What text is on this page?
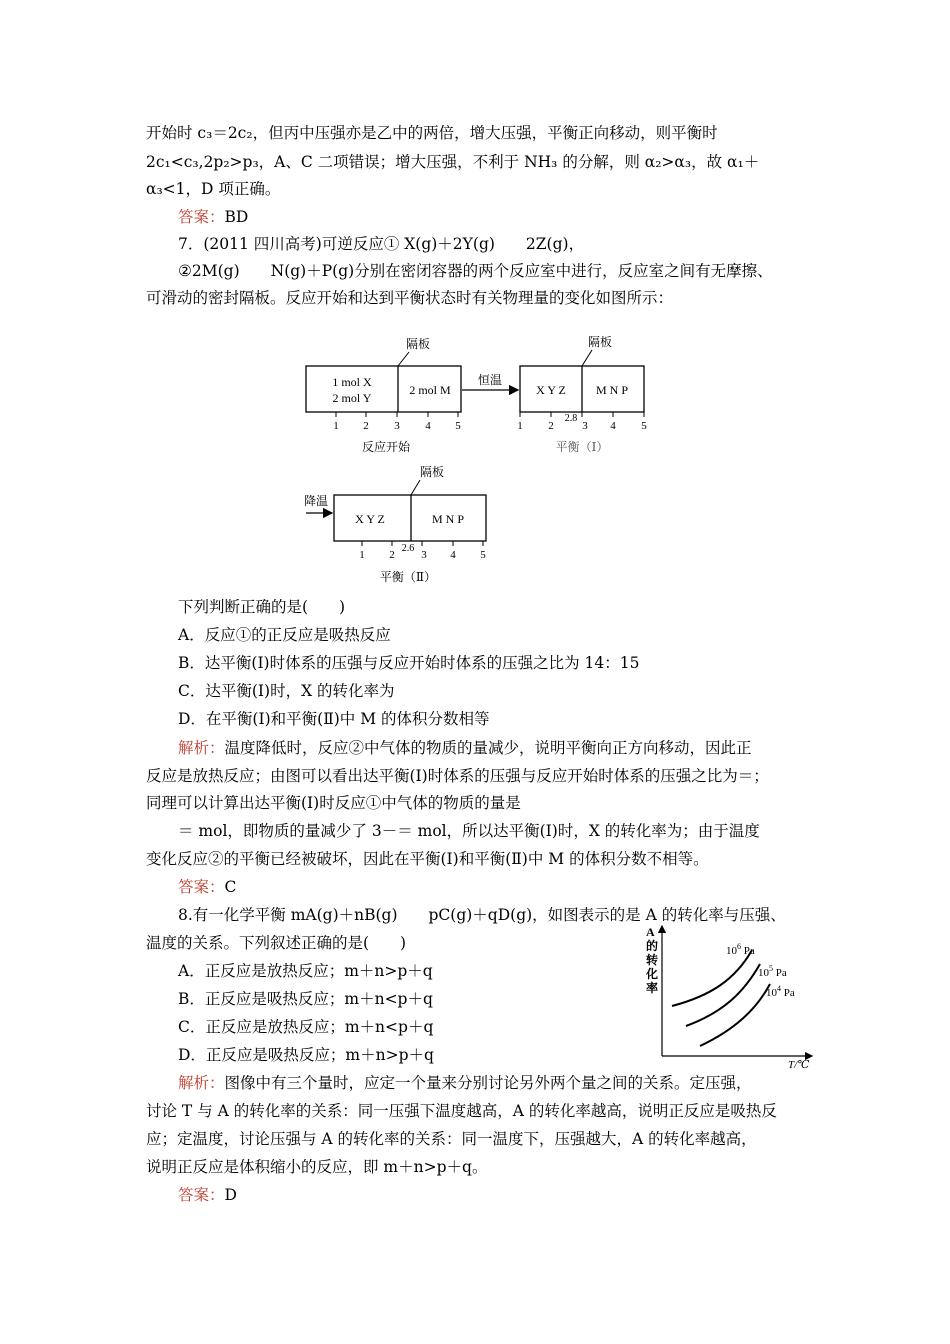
开始时 c₃＝2c₂，但丙中压强亦是乙中的两倍，增大压强，平衡正向移动，则平衡时
2c₁<c₃,2p₂>p₃，A、C 二项错误；增大压强，不利于 NH₃ 的分解，则 α₂>α₃，故 α₁＋
α₃<1，D 项正确。
答案：BD
7．(2011 四川高考)可逆反应① X(g)＋2Y(g)　　2Z(g)，
②2M(g)　　N(g)＋P(g)分别在密闭容器的两个反应室中进行，反应室之间有无摩擦、
可滑动的密封隔板。反应开始和达到平衡状态时有关物理量的变化如图所示：
隔板
1 mol X
2 mol Y
2 mol M
1 2 3 4 5
反应开始
恒温
隔板
X Y Z	M N P
1 2	3 4 5
2.8
平衡（Ⅰ）
降温
隔板
X Y Z	M N P
1 2 3 4 5
2.6
平衡（Ⅱ）
下列判断正确的是(　　)
A．反应①的正反应是吸热反应
B．达平衡(Ⅰ)时体系的压强与反应开始时体系的压强之比为 14：15
C．达平衡(Ⅰ)时，X 的转化率为
D．在平衡(Ⅰ)和平衡(Ⅱ)中 M 的体积分数相等
解析：温度降低时，反应②中气体的物质的量减少，说明平衡向正方向移动，因此正
反应是放热反应；由图可以看出达平衡(Ⅰ)时体系的压强与反应开始时体系的压强之比为＝；
同理可以计算出达平衡(Ⅰ)时反应①中气体的物质的量是
＝ mol，即物质的量减少了 3－＝ mol，所以达平衡(Ⅰ)时，X 的转化率为；由于温度
变化反应②的平衡已经被破坏，因此在平衡(Ⅰ)和平衡(Ⅱ)中 M 的体积分数不相等。
答案：C
8.有一化学平衡 mA(g)＋nB(g)　　pC(g)＋qD(g)，如图表示的是 A 的转化率与压强、
温度的关系。下列叙述正确的是(　　)
A．正反应是放热反应；m＋n>p＋q
B．正反应是吸热反应；m＋n<p＋q
C．正反应是放热反应；m＋n<p＋q
D．正反应是吸热反应；m＋n>p＋q
A
的
转
化
率
$10^6$ Pa
$10^5$ Pa
$10^4$ Pa
T/℃
解析：图像中有三个量时，应定一个量来分别讨论另外两个量之间的关系。定压强，
讨论 T 与 A 的转化率的关系：同一压强下温度越高，A 的转化率越高，说明正反应是吸热反
应；定温度，讨论压强与 A 的转化率的关系：同一温度下，压强越大，A 的转化率越高，
说明正反应是体积缩小的反应，即 m＋n>p＋q。
答案：D
